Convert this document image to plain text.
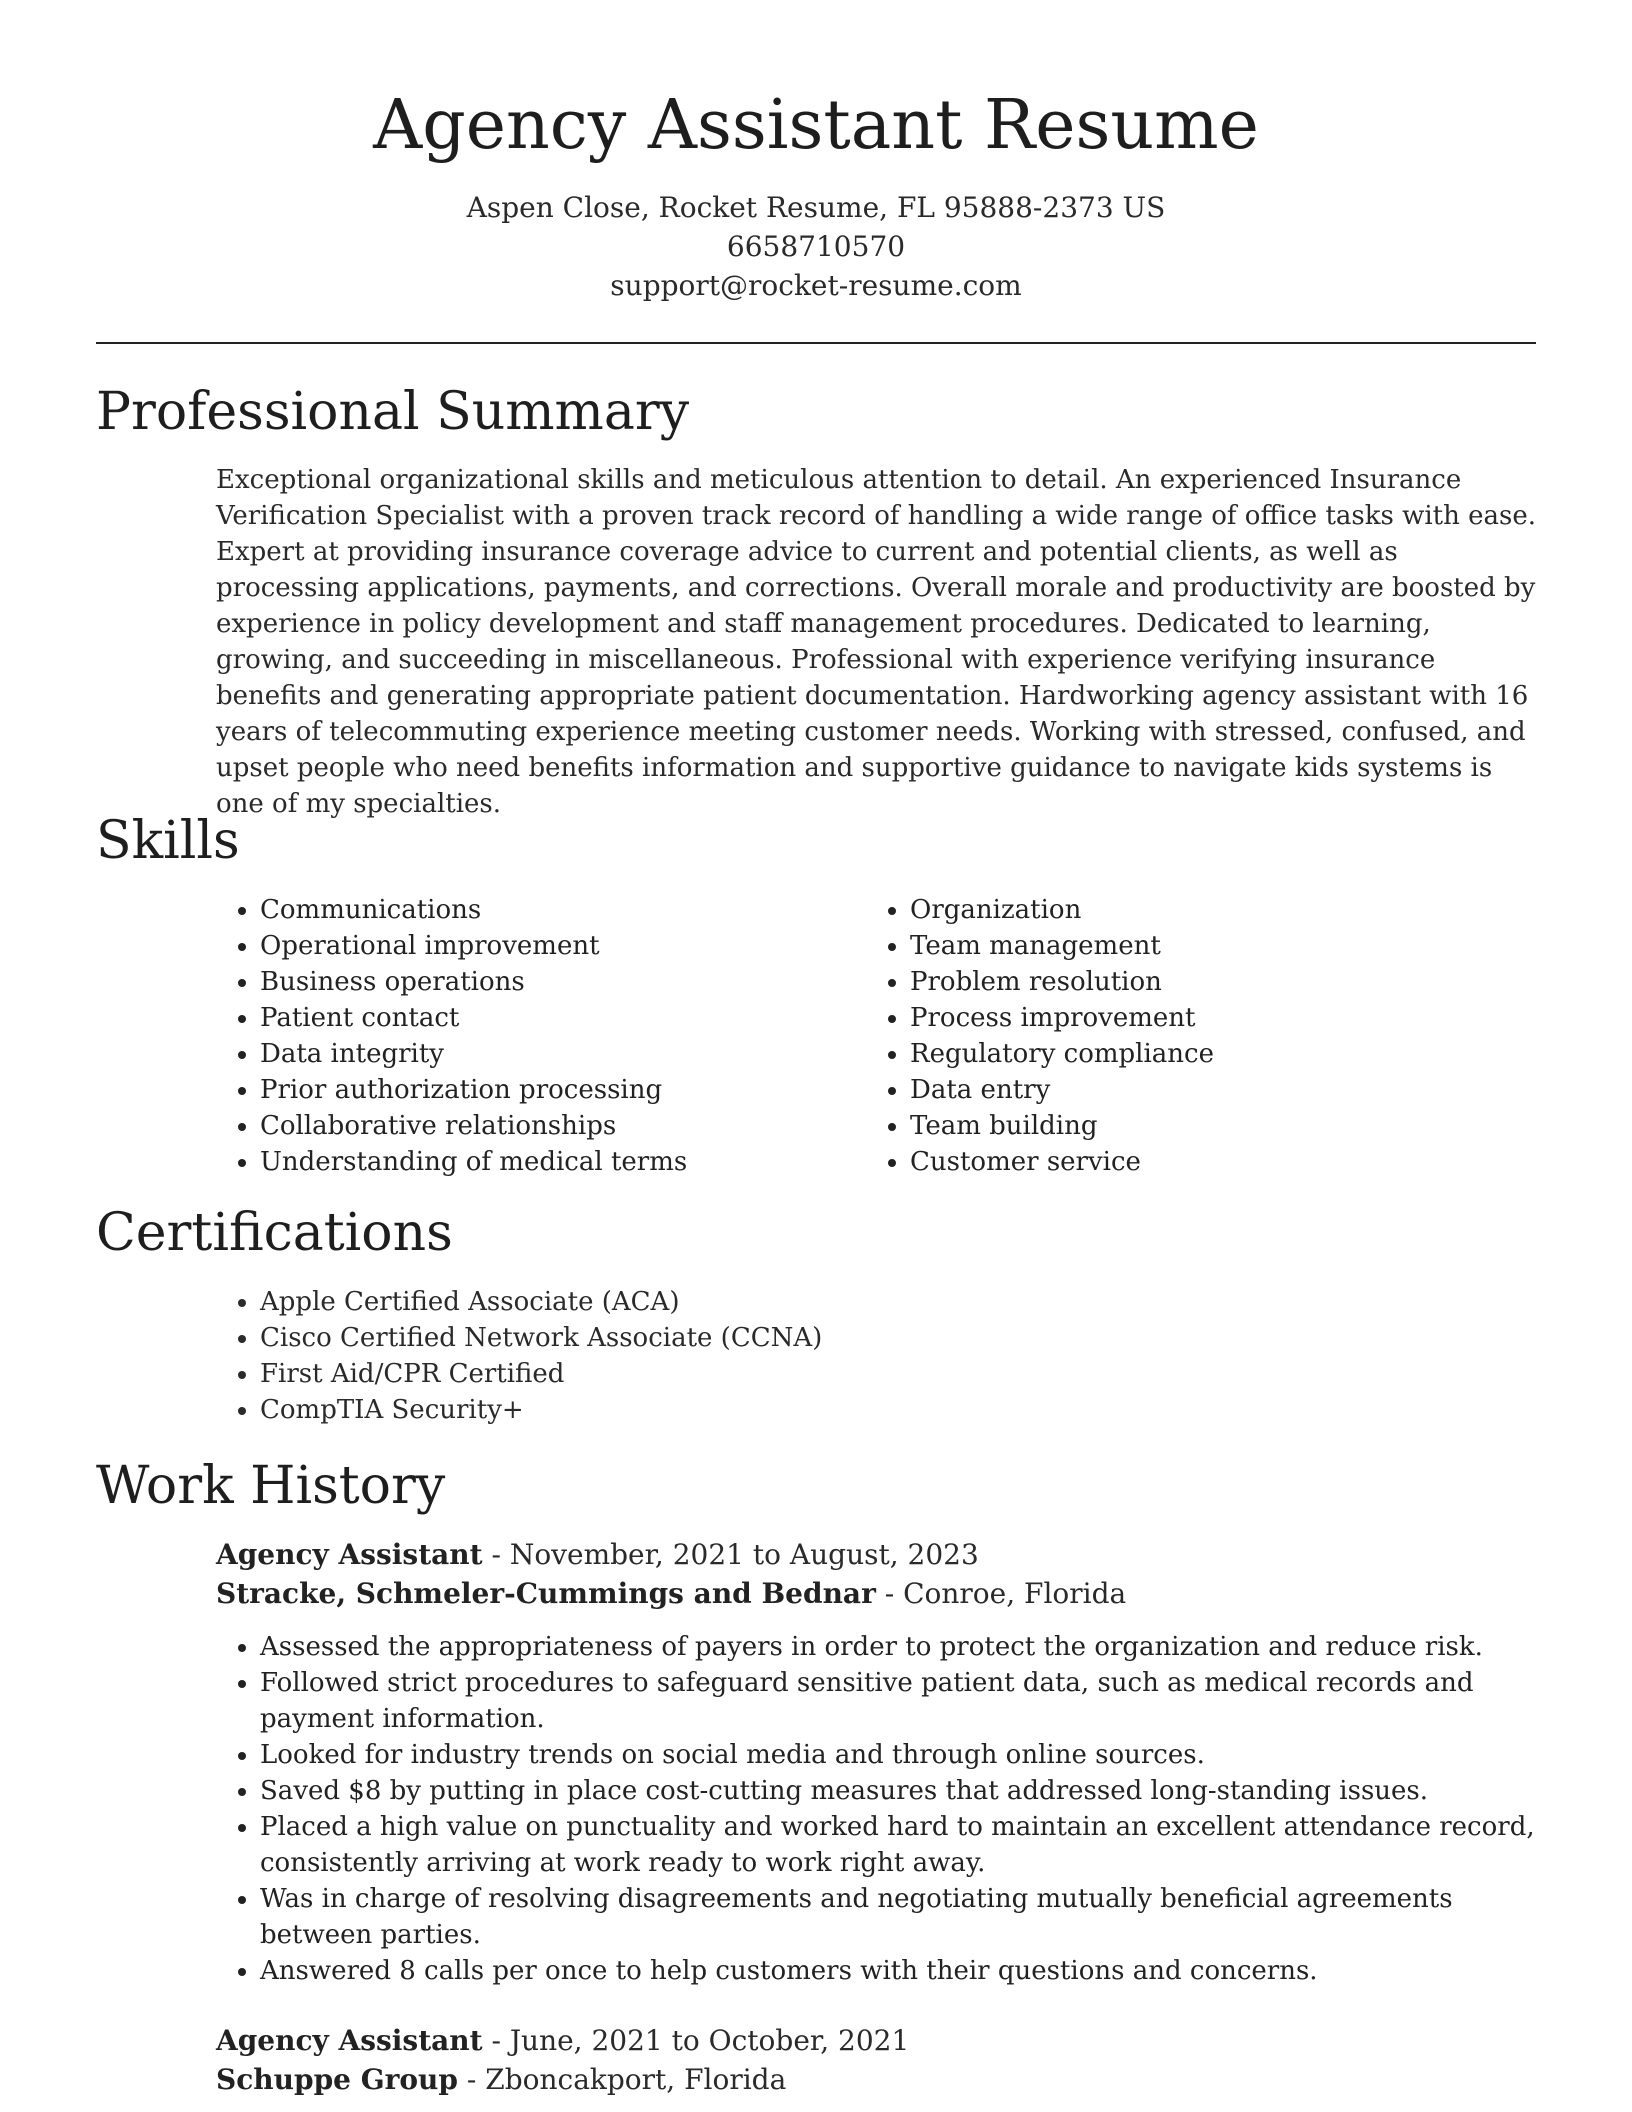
Agency Assistant Resume
Aspen Close, Rocket Resume, FL 95888-2373 US
6658710570
support@rocket-resume.com
Professional Summary
Exceptional organizational skills and meticulous attention to detail. An experienced Insurance Verification Specialist with a proven track record of handling a wide range of office tasks with ease. Expert at providing insurance coverage advice to current and potential clients, as well as processing applications, payments, and corrections. Overall morale and productivity are boosted by experience in policy development and staff management procedures. Dedicated to learning, growing, and succeeding in miscellaneous. Professional with experience verifying insurance benefits and generating appropriate patient documentation. Hardworking agency assistant with 16 years of telecommuting experience meeting customer needs. Working with stressed, confused, and upset people who need benefits information and supportive guidance to navigate kids systems is one of my specialties.
Skills
• Communications
• Operational improvement
• Business operations
• Patient contact
• Data integrity
• Prior authorization processing
• Collaborative relationships
• Understanding of medical terms
• Organization
• Team management
• Problem resolution
• Process improvement
• Regulatory compliance
• Data entry
• Team building
• Customer service
Certifications
• Apple Certified Associate (ACA)
• Cisco Certified Network Associate (CCNA)
• First Aid/CPR Certified
• CompTIA Security+
Work History
Agency Assistant - November, 2021 to August, 2023
Stracke, Schmeler-Cummings and Bednar - Conroe, Florida
• Assessed the appropriateness of payers in order to protect the organization and reduce risk.
• Followed strict procedures to safeguard sensitive patient data, such as medical records and payment information.
• Looked for industry trends on social media and through online sources.
• Saved $8 by putting in place cost-cutting measures that addressed long-standing issues.
• Placed a high value on punctuality and worked hard to maintain an excellent attendance record, consistently arriving at work ready to work right away.
• Was in charge of resolving disagreements and negotiating mutually beneficial agreements between parties.
• Answered 8 calls per once to help customers with their questions and concerns.
Agency Assistant - June, 2021 to October, 2021
Schuppe Group - Zboncakport, Florida
